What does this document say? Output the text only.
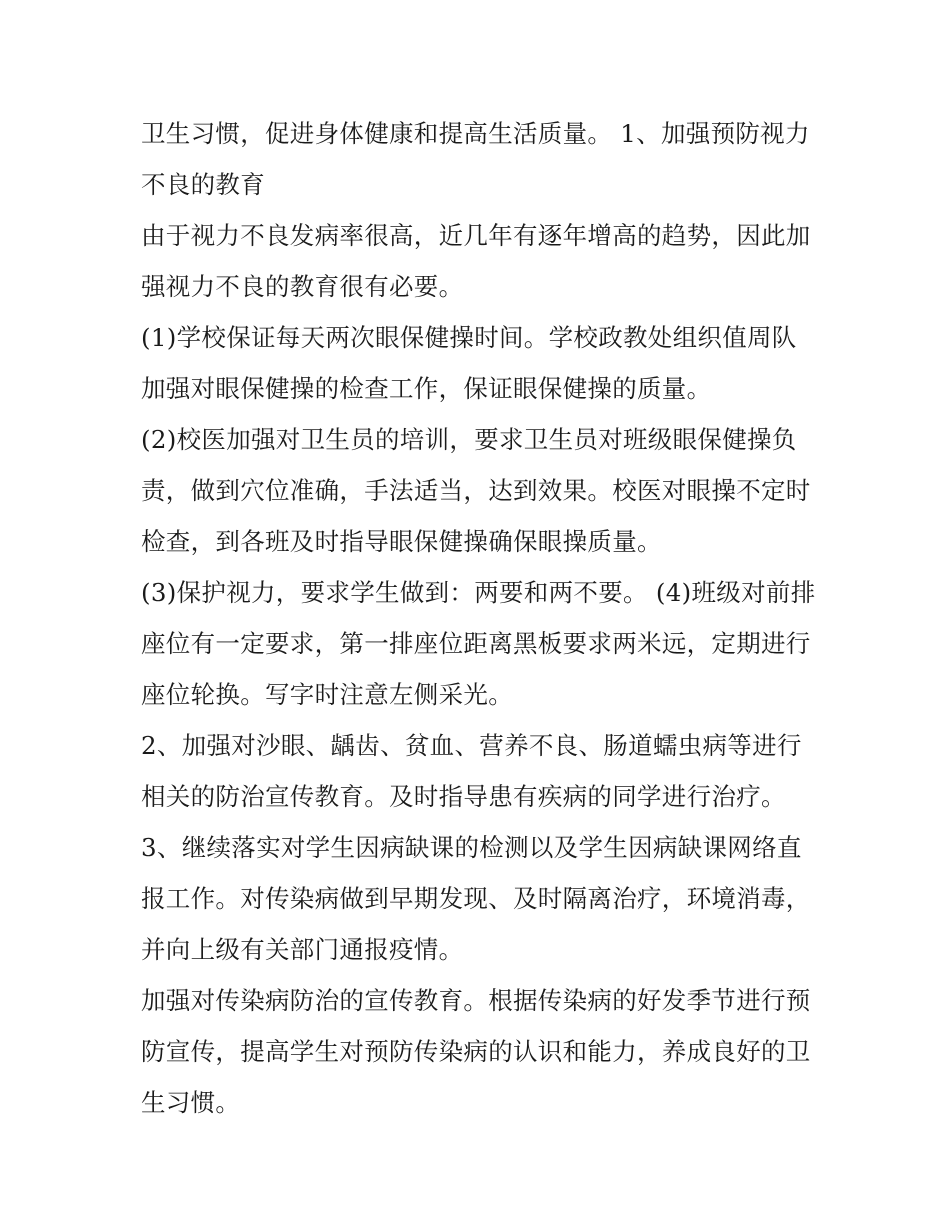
卫生习惯，促进身体健康和提高生活质量。 1、加强预防视力
不良的教育
由于视力不良发病率很高，近几年有逐年增高的趋势，因此加
强视力不良的教育很有必要。
(1)学校保证每天两次眼保健操时间。学校政教处组织值周队
加强对眼保健操的检查工作，保证眼保健操的质量。
(2)校医加强对卫生员的培训，要求卫生员对班级眼保健操负
责，做到穴位准确，手法适当，达到效果。校医对眼操不定时
检查，到各班及时指导眼保健操确保眼操质量。
(3)保护视力，要求学生做到：两要和两不要。 (4)班级对前排
座位有一定要求，第一排座位距离黑板要求两米远，定期进行
座位轮换。写字时注意左侧采光。
2、加强对沙眼、龋齿、贫血、营养不良、肠道蠕虫病等进行
相关的防治宣传教育。及时指导患有疾病的同学进行治疗。
3、继续落实对学生因病缺课的检测以及学生因病缺课网络直
报工作。对传染病做到早期发现、及时隔离治疗，环境消毒，
并向上级有关部门通报疫情。
加强对传染病防治的宣传教育。根据传染病的好发季节进行预
防宣传，提高学生对预防传染病的认识和能力，养成良好的卫
生习惯。
